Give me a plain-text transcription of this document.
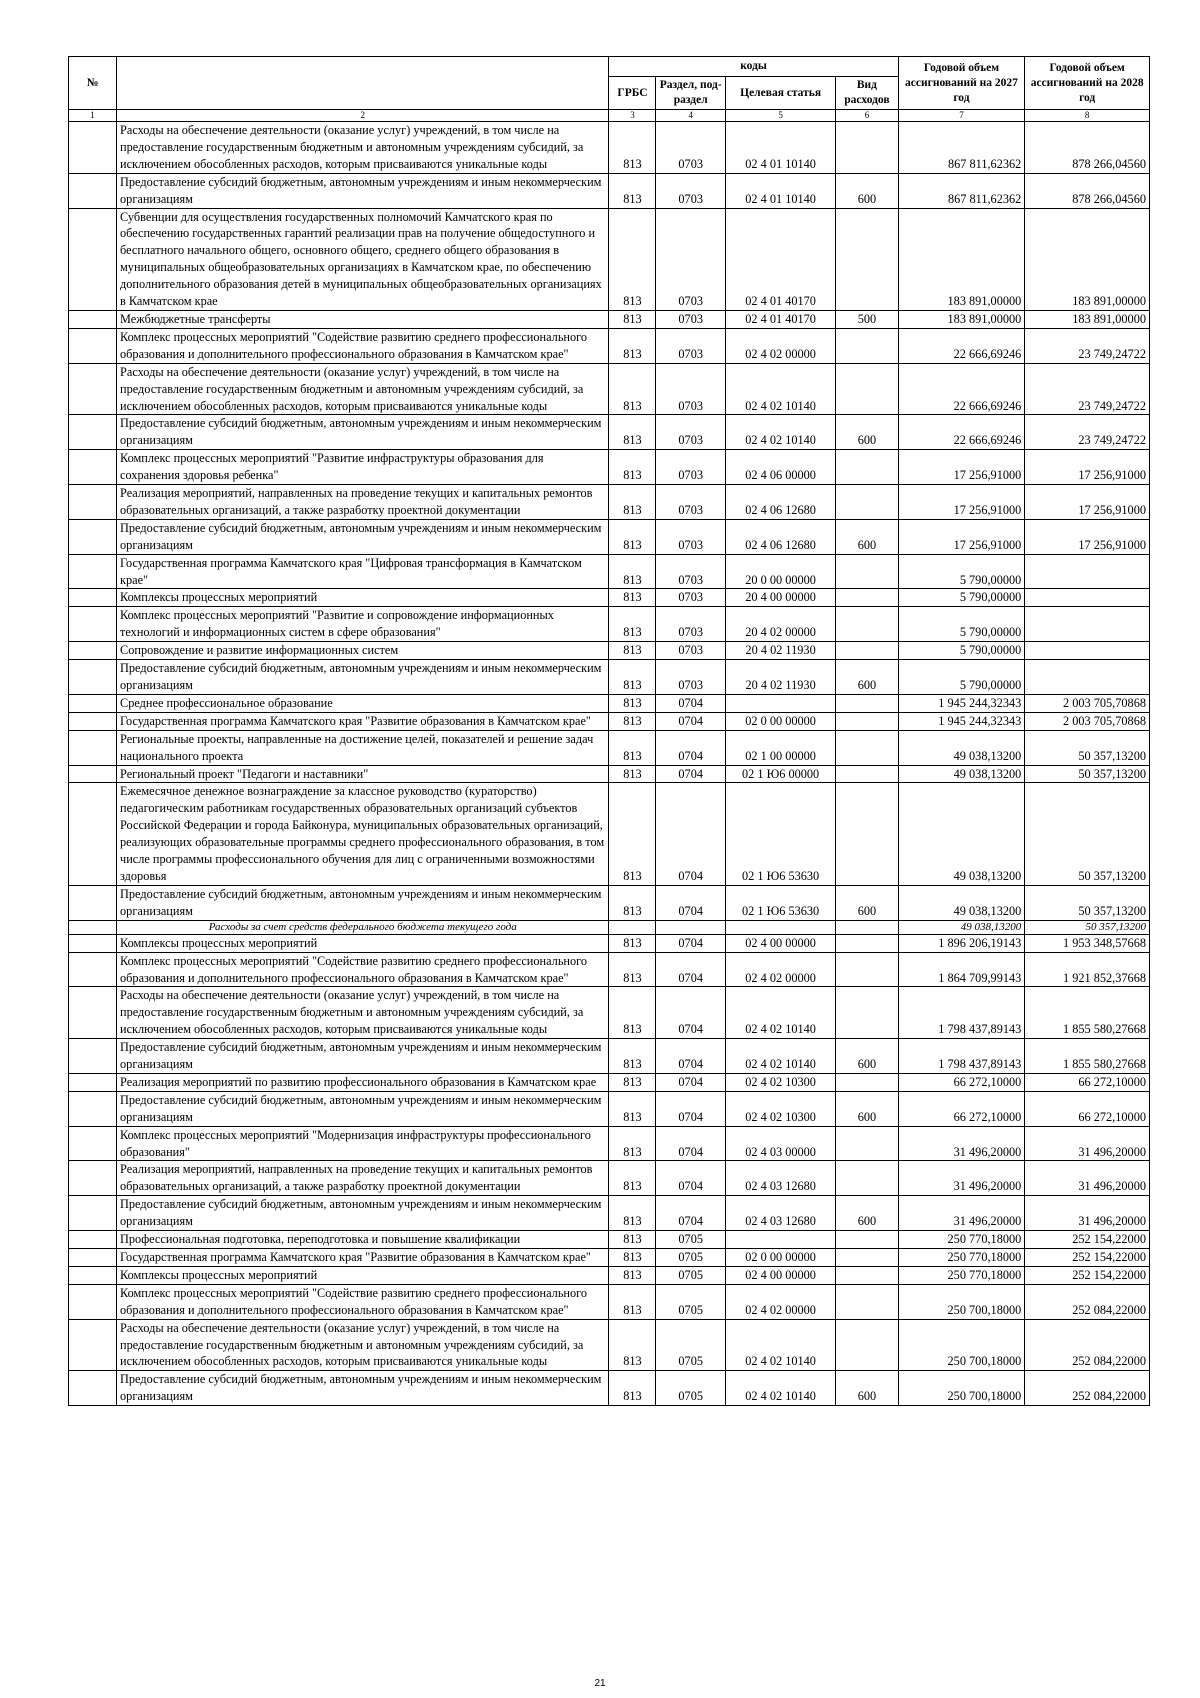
№		коды				Годовой объем ассигнований на 2027 год	Годовой объем ассигнований на 2028 год
		ГРБС	Раздел, под-раздел	Целевая статья	Вид расходов		
1	2	3	4	5	6	7	8
	Расходы на обеспечение деятельности (оказание услуг) учреждений, в том числе на предоставление государственным бюджетным и автономным учреждениям субсидий, за исключением обособленных расходов, которым присваиваются уникальные коды	813	0703	02 4 01 10140		867 811,62362	878 266,04560
	Предоставление субсидий бюджетным, автономным учреждениям и иным некоммерческим организациям	813	0703	02 4 01 10140	600	867 811,62362	878 266,04560
	Субвенции для осуществления государственных полномочий Камчатского края по обеспечению государственных гарантий реализации прав на получение общедоступного и бесплатного начального общего, основного общего, среднего общего образования в муниципальных общеобразовательных организациях в Камчатском крае, по обеспечению дополнительного образования детей в муниципальных общеобразовательных организациях в Камчатском крае	813	0703	02 4 01 40170		183 891,00000	183 891,00000
	Межбюджетные трансферты	813	0703	02 4 01 40170	500	183 891,00000	183 891,00000
	Комплекс процессных мероприятий "Содействие развитию среднего профессионального образования и дополнительного профессионального образования в Камчатском крае"	813	0703	02 4 02 00000		22 666,69246	23 749,24722
	Расходы на обеспечение деятельности (оказание услуг) учреждений, в том числе на предоставление государственным бюджетным и автономным учреждениям субсидий, за исключением обособленных расходов, которым присваиваются уникальные коды	813	0703	02 4 02 10140		22 666,69246	23 749,24722
	Предоставление субсидий бюджетным, автономным учреждениям и иным некоммерческим организациям	813	0703	02 4 02 10140	600	22 666,69246	23 749,24722
	Комплекс процессных мероприятий "Развитие инфраструктуры образования для сохранения здоровья ребенка"	813	0703	02 4 06 00000		17 256,91000	17 256,91000
	Реализация мероприятий, направленных на проведение текущих и капитальных ремонтов образовательных организаций, а также разработку проектной документации	813	0703	02 4 06 12680		17 256,91000	17 256,91000
	Предоставление субсидий бюджетным, автономным учреждениям и иным некоммерческим организациям	813	0703	02 4 06 12680	600	17 256,91000	17 256,91000
	Государственная программа Камчатского края "Цифровая трансформация в Камчатском крае"	813	0703	20 0 00 00000		5 790,00000	
	Комплексы процессных мероприятий	813	0703	20 4 00 00000		5 790,00000	
	Комплекс процессных мероприятий "Развитие и сопровождение информационных технологий и информационных систем в сфере образования"	813	0703	20 4 02 00000		5 790,00000	
	Сопровождение и развитие информационных систем	813	0703	20 4 02 11930		5 790,00000	
	Предоставление субсидий бюджетным, автономным учреждениям и иным некоммерческим организациям	813	0703	20 4 02 11930	600	5 790,00000	
	Среднее профессиональное образование	813	0704			1 945 244,32343	2 003 705,70868
	Государственная программа Камчатского края "Развитие образования в Камчатском крае"	813	0704	02 0 00 00000		1 945 244,32343	2 003 705,70868
	Региональные проекты, направленные на достижение целей, показателей и решение задач национального проекта	813	0704	02 1 00 00000		49 038,13200	50 357,13200
	Региональный проект "Педагоги и наставники"	813	0704	02 1 Ю6 00000		49 038,13200	50 357,13200
	Ежемесячное денежное вознаграждение за классное руководство (кураторство) педагогическим работникам государственных образовательных организаций субъектов Российской Федерации и города Байконура, муниципальных образовательных организаций, реализующих образовательные программы среднего профессионального образования, в том числе программы профессионального обучения для лиц с ограниченными возможностями здоровья	813	0704	02 1 Ю6 53630		49 038,13200	50 357,13200
	Предоставление субсидий бюджетным, автономным учреждениям и иным некоммерческим организациям	813	0704	02 1 Ю6 53630	600	49 038,13200	50 357,13200
	Расходы за счет средств федерального бюджета текущего года					49 038,13200	50 357,13200
	Комплексы процессных мероприятий	813	0704	02 4 00 00000		1 896 206,19143	1 953 348,57668
	Комплекс процессных мероприятий "Содействие развитию среднего профессионального образования и дополнительного профессионального образования в Камчатском крае"	813	0704	02 4 02 00000		1 864 709,99143	1 921 852,37668
	Расходы на обеспечение деятельности (оказание услуг) учреждений, в том числе на предоставление государственным бюджетным и автономным учреждениям субсидий, за исключением обособленных расходов, которым присваиваются уникальные коды	813	0704	02 4 02 10140		1 798 437,89143	1 855 580,27668
	Предоставление субсидий бюджетным, автономным учреждениям и иным некоммерческим организациям	813	0704	02 4 02 10140	600	1 798 437,89143	1 855 580,27668
	Реализация мероприятий по развитию профессионального образования в Камчатском крае	813	0704	02 4 02 10300		66 272,10000	66 272,10000
	Предоставление субсидий бюджетным, автономным учреждениям и иным некоммерческим организациям	813	0704	02 4 02 10300	600	66 272,10000	66 272,10000
	Комплекс процессных мероприятий "Модернизация инфраструктуры профессионального образования"	813	0704	02 4 03 00000		31 496,20000	31 496,20000
	Реализация мероприятий, направленных на проведение текущих и капитальных ремонтов образовательных организаций, а также разработку проектной документации	813	0704	02 4 03 12680		31 496,20000	31 496,20000
	Предоставление субсидий бюджетным, автономным учреждениям и иным некоммерческим организациям	813	0704	02 4 03 12680	600	31 496,20000	31 496,20000
	Профессиональная подготовка, переподготовка и повышение квалификации	813	0705			250 770,18000	252 154,22000
	Государственная программа Камчатского края "Развитие образования в Камчатском крае"	813	0705	02 0 00 00000		250 770,18000	252 154,22000
	Комплексы процессных мероприятий	813	0705	02 4 00 00000		250 770,18000	252 154,22000
	Комплекс процессных мероприятий "Содействие развитию среднего профессионального образования и дополнительного профессионального образования в Камчатском крае"	813	0705	02 4 02 00000		250 700,18000	252 084,22000
	Расходы на обеспечение деятельности (оказание услуг) учреждений, в том числе на предоставление государственным бюджетным и автономным учреждениям субсидий, за исключением обособленных расходов, которым присваиваются уникальные коды	813	0705	02 4 02 10140		250 700,18000	252 084,22000
	Предоставление субсидий бюджетным, автономным учреждениям и иным некоммерческим организациям	813	0705	02 4 02 10140	600	250 700,18000	252 084,22000
21
